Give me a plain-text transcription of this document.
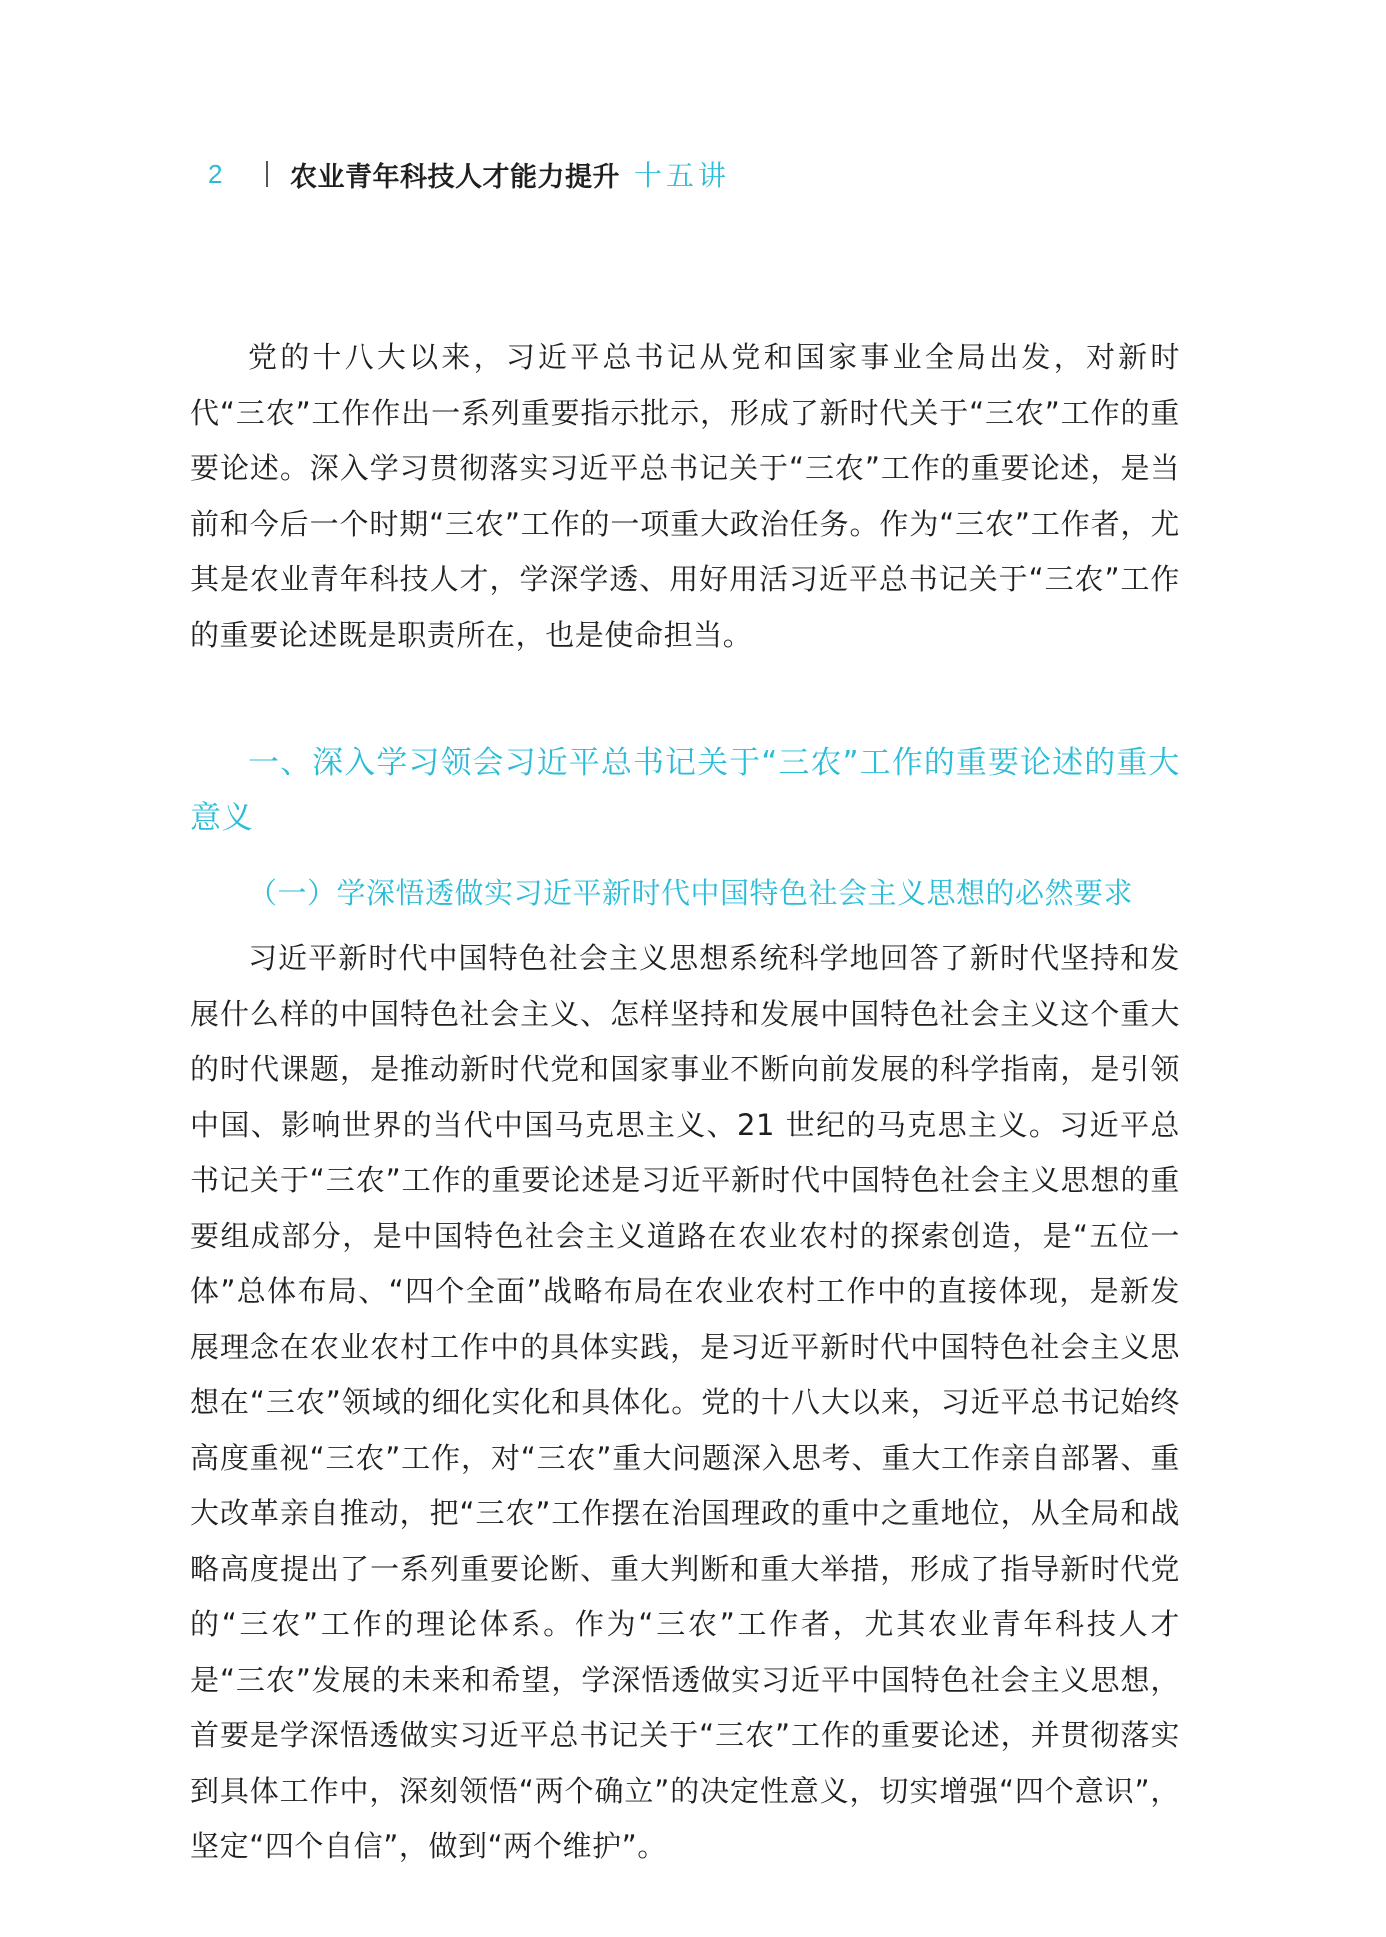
2	农业青年科技人才能力提升 十五讲

党的十八大以来，习近平总书记从党和国家事业全局出发，对新时代“三农”工作作出一系列重要指示批示，形成了新时代关于“三农”工作的重要论述。深入学习贯彻落实习近平总书记关于“三农”工作的重要论述，是当前和今后一个时期“三农”工作的一项重大政治任务。作为“三农”工作者，尤其是农业青年科技人才，学深学透、用好用活习近平总书记关于“三农”工作的重要论述既是职责所在，也是使命担当。

一、深入学习领会习近平总书记关于“三农”工作的重要论述的重大意义
（一）学深悟透做实习近平新时代中国特色社会主义思想的必然要求

习近平新时代中国特色社会主义思想系统科学地回答了新时代坚持和发展什么样的中国特色社会主义、怎样坚持和发展中国特色社会主义这个重大的时代课题，是推动新时代党和国家事业不断向前发展的科学指南，是引领中国、影响世界的当代中国马克思主义、21 世纪的马克思主义。习近平总书记关于“三农”工作的重要论述是习近平新时代中国特色社会主义思想的重要组成部分，是中国特色社会主义道路在农业农村的探索创造，是“五位一体”总体布局、“四个全面”战略布局在农业农村工作中的直接体现，是新发展理念在农业农村工作中的具体实践，是习近平新时代中国特色社会主义思想在“三农”领域的细化实化和具体化。党的十八大以来，习近平总书记始终高度重视“三农”工作，对“三农”重大问题深入思考、重大工作亲自部署、重大改革亲自推动，把“三农”工作摆在治国理政的重中之重地位，从全局和战略高度提出了一系列重要论断、重大判断和重大举措，形成了指导新时代党的“三农”工作的理论体系。作为“三农”工作者，尤其农业青年科技人才是“三农”发展的未来和希望，学深悟透做实习近平中国特色社会主义思想，首要是学深悟透做实习近平总书记关于“三农”工作的重要论述，并贯彻落实到具体工作中，深刻领悟“两个确立”的决定性意义，切实增强“四个意识”，坚定“四个自信”，做到“两个维护”。
